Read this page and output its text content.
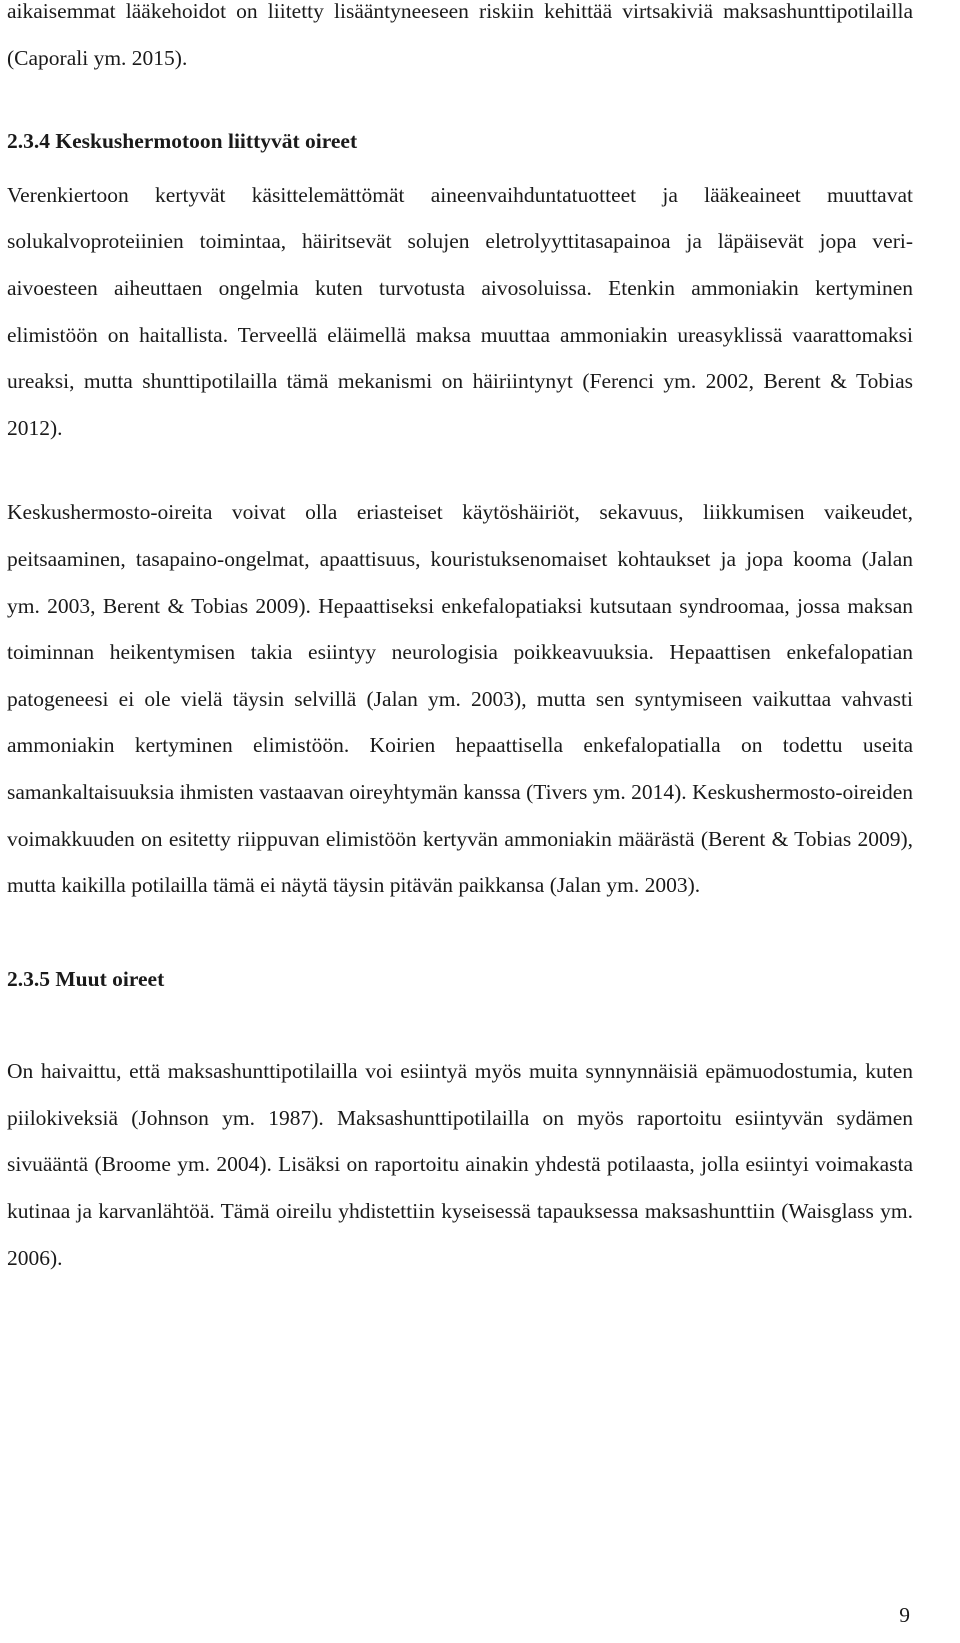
aikaisemmat lääkehoidot on liitetty lisääntyneeseen riskiin kehittää virtsakiviä maksashunttipotilailla (Caporali ym. 2015).

2.3.4 Keskushermotoon liittyvät oireet

Verenkiertoon kertyvät käsittelemättömät aineenvaihduntatuotteet ja lääkeaineet muuttavat solukalvoproteiinien toimintaa, häiritsevät solujen eletrolyyttitasapainoa ja läpäisevät jopa veri-aivoesteen aiheuttaen ongelmia kuten turvotusta aivosoluissa. Etenkin ammoniakin kertyminen elimistöön on haitallista. Terveellä eläimellä maksa muuttaa ammoniakin ureasyklissä vaarattomaksi ureaksi, mutta shunttipotilailla tämä mekanismi on häiriintynyt (Ferenci ym. 2002, Berent & Tobias 2012).

Keskushermosto-oireita voivat olla eriasteiset käytöshäiriöt, sekavuus, liikkumisen vaikeudet, peitsaaminen, tasapaino-ongelmat, apaattisuus, kouristuksenomaiset kohtaukset ja jopa kooma (Jalan ym. 2003, Berent & Tobias 2009). Hepaattiseksi enkefalopatiaksi kutsutaan syndroomaa, jossa maksan toiminnan heikentymisen takia esiintyy neurologisia poikkeavuuksia. Hepaattisen enkefalopatian patogeneesi ei ole vielä täysin selvillä (Jalan ym. 2003), mutta sen syntymiseen vaikuttaa vahvasti ammoniakin kertyminen elimistöön. Koirien hepaattisella enkefalopatialla on todettu useita samankaltaisuuksia ihmisten vastaavan oireyhtymän kanssa (Tivers ym. 2014). Keskushermosto-oireiden voimakkuuden on esitetty riippuvan elimistöön kertyvän ammoniakin määrästä (Berent & Tobias 2009), mutta kaikilla potilailla tämä ei näytä täysin pitävän paikkansa (Jalan ym. 2003).

2.3.5 Muut oireet

On haivaittu, että maksashunttipotilailla voi esiintyä myös muita synnynnäisiä epämuodostumia, kuten piilokiveksiä (Johnson ym. 1987). Maksashunttipotilailla on myös raportoitu esiintyvän sydämen sivuääntä (Broome ym. 2004). Lisäksi on raportoitu ainakin yhdestä potilaasta, jolla esiintyi voimakasta kutinaa ja karvanlähtöä. Tämä oireilu yhdistettiin kyseisessä tapauksessa maksashunttiin (Waisglass ym. 2006).

9
